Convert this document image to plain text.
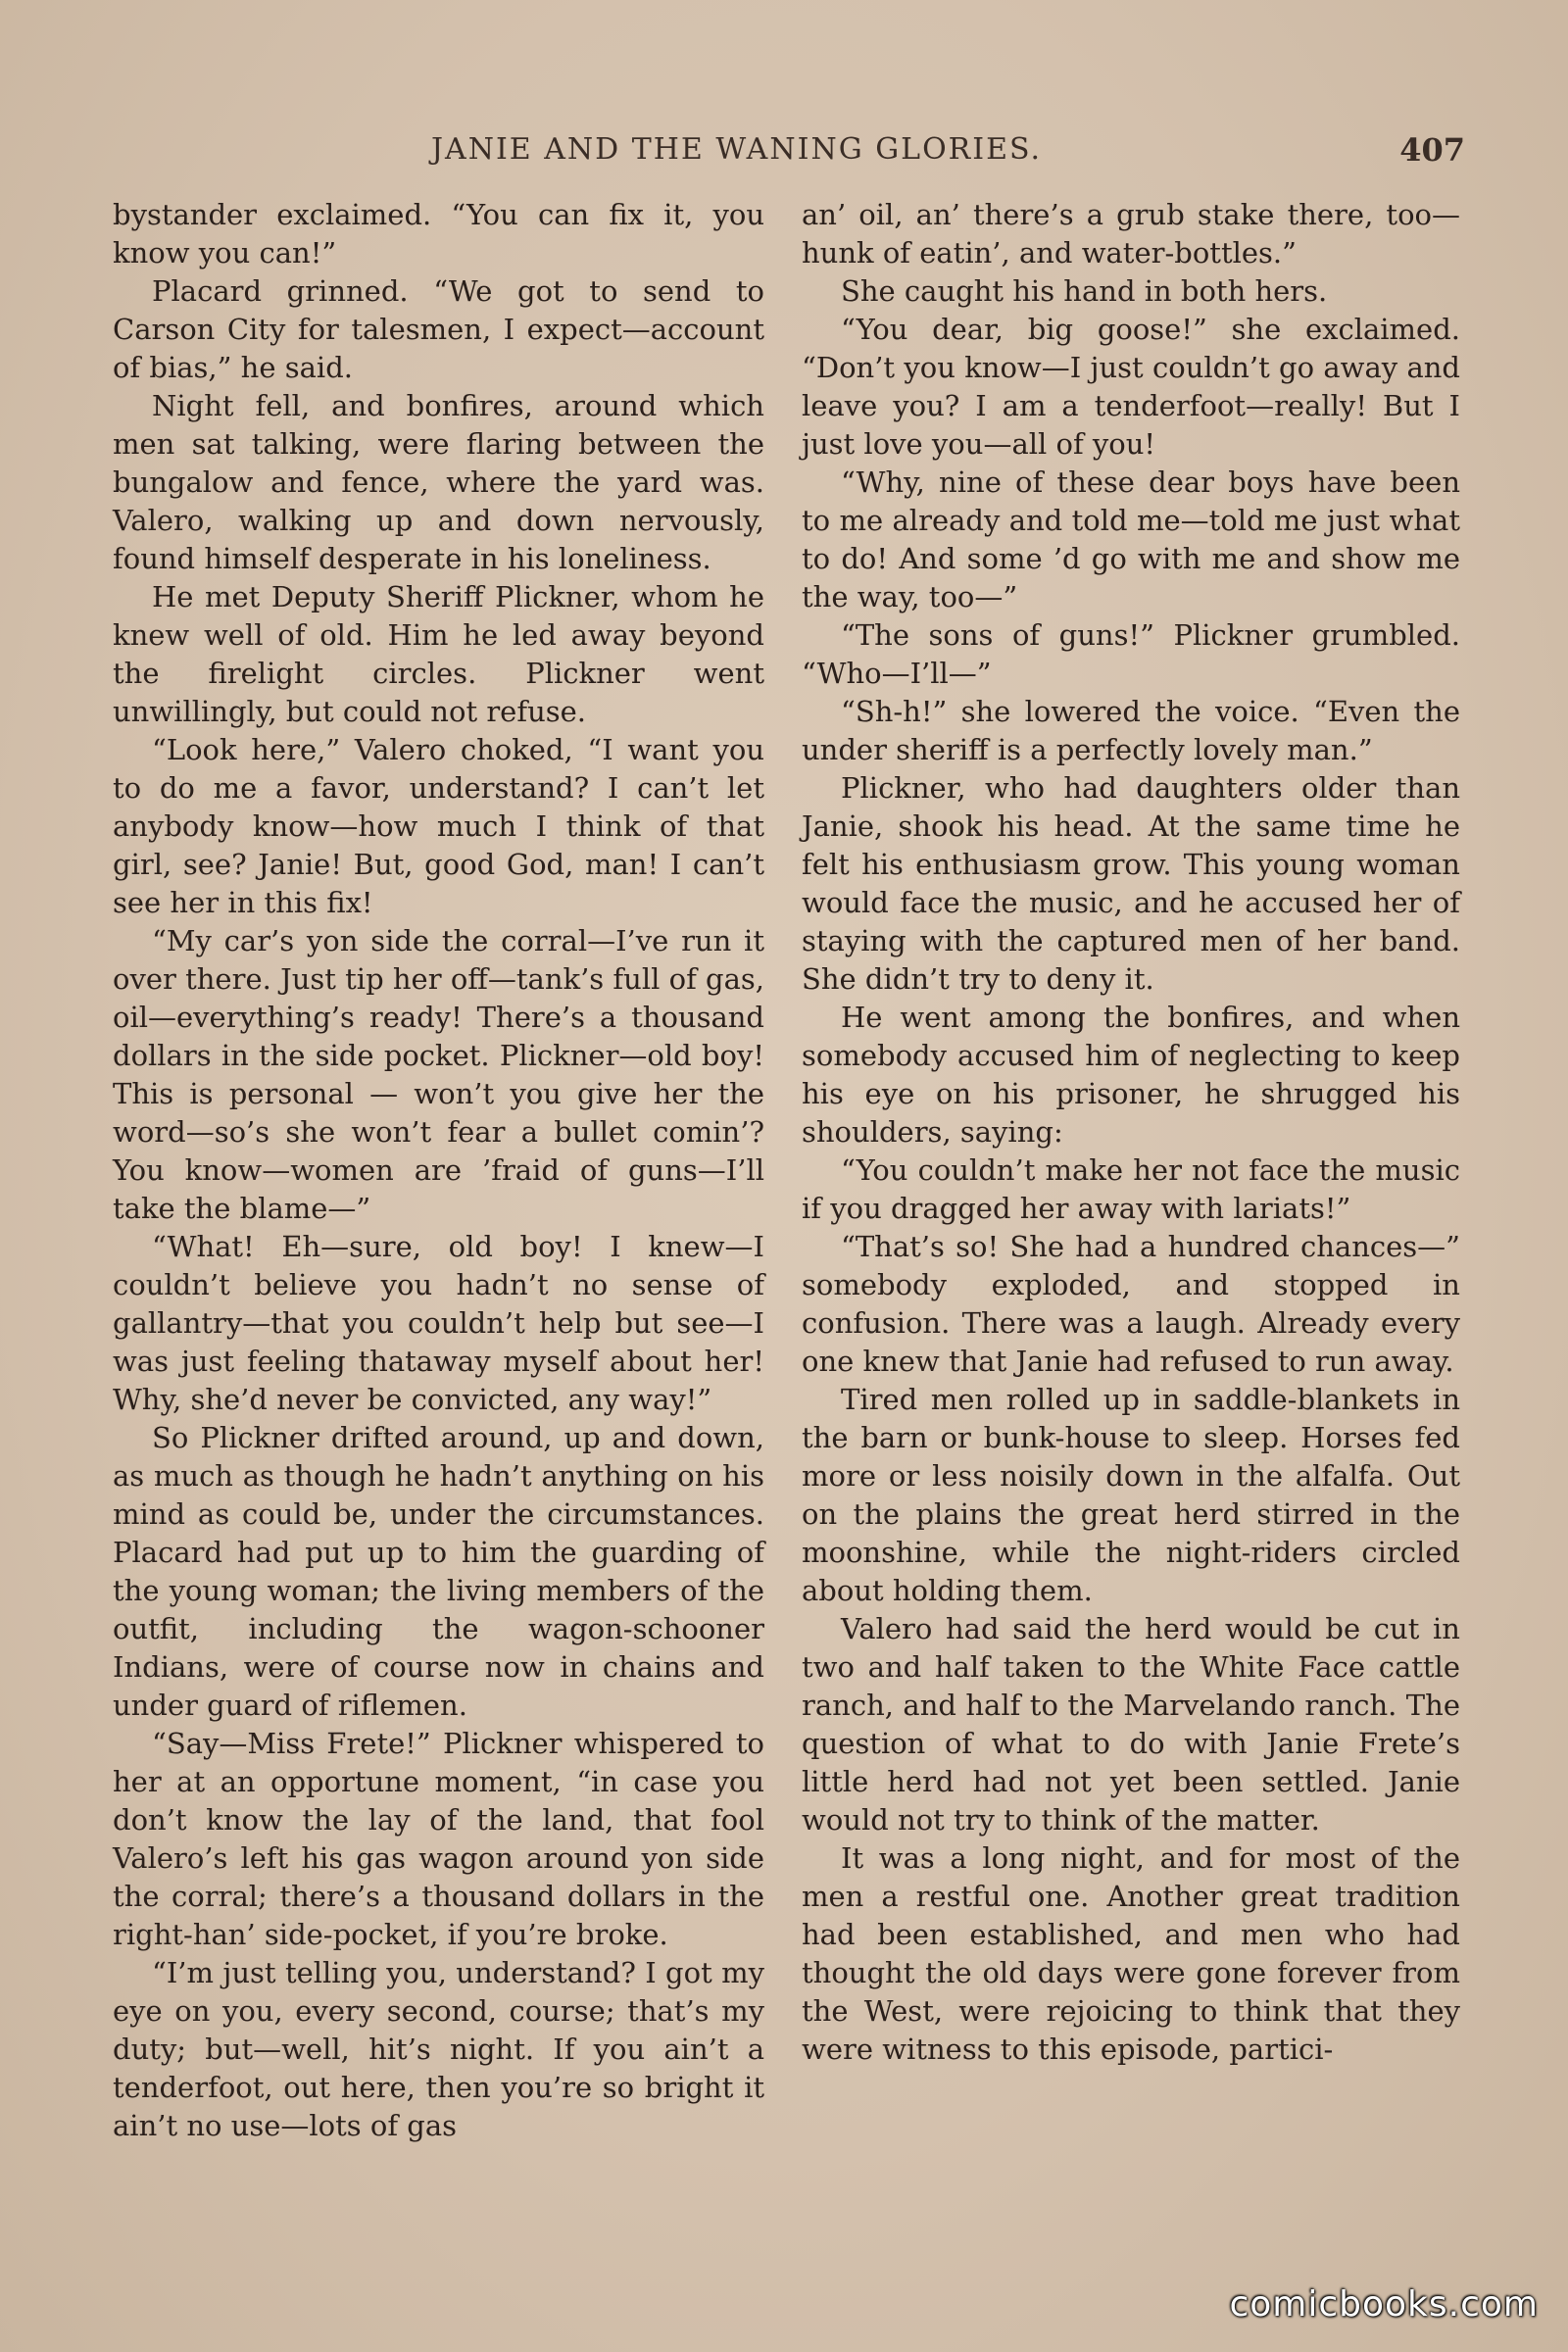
JANIE AND THE WANING GLORIES.	407

bystander exclaimed. “You can fix it, you know you can!”

Placard grinned. “We got to send to Carson City for talesmen, I expect—account of bias,” he said.

Night fell, and bonfires, around which men sat talking, were flaring between the bungalow and fence, where the yard was. Valero, walking up and down nervously, found himself desperate in his loneliness.

He met Deputy Sheriff Plickner, whom he knew well of old. Him he led away beyond the firelight circles. Plickner went unwillingly, but could not refuse.

“Look here,” Valero choked, “I want you to do me a favor, understand? I can’t let anybody know—how much I think of that girl, see? Janie! But, good God, man! I can’t see her in this fix!

“My car’s yon side the corral—I’ve run it over there. Just tip her off—tank’s full of gas, oil—everything’s ready! There’s a thousand dollars in the side pocket. Plickner—old boy! This is personal — won’t you give her the word—so’s she won’t fear a bullet comin’? You know—women are ’fraid of guns—I’ll take the blame—”

“What! Eh—sure, old boy! I knew—I couldn’t believe you hadn’t no sense of gallantry—that you couldn’t help but see—I was just feeling thataway myself about her! Why, she’d never be convicted, any way!”

So Plickner drifted around, up and down, as much as though he hadn’t anything on his mind as could be, under the circumstances. Placard had put up to him the guarding of the young woman; the living members of the outfit, including the wagon-schooner Indians, were of course now in chains and under guard of riflemen.

“Say—Miss Frete!” Plickner whispered to her at an opportune moment, “in case you don’t know the lay of the land, that fool Valero’s left his gas wagon around yon side the corral; there’s a thousand dollars in the right-han’ side-pocket, if you’re broke.

“I’m just telling you, understand? I got my eye on you, every second, course; that’s my duty; but—well, hit’s night. If you ain’t a tenderfoot, out here, then you’re so bright it ain’t no use—lots of gas

an’ oil, an’ there’s a grub stake there, too—hunk of eatin’, and water-bottles.”

She caught his hand in both hers.

“You dear, big goose!” she exclaimed. “Don’t you know—I just couldn’t go away and leave you? I am a tenderfoot—really! But I just love you—all of you!

“Why, nine of these dear boys have been to me already and told me—told me just what to do! And some ’d go with me and show me the way, too—”

“The sons of guns!” Plickner grumbled. “Who—I’ll—”

“Sh-h!” she lowered the voice. “Even the under sheriff is a perfectly lovely man.”

Plickner, who had daughters older than Janie, shook his head. At the same time he felt his enthusiasm grow. This young woman would face the music, and he accused her of staying with the captured men of her band. She didn’t try to deny it.

He went among the bonfires, and when somebody accused him of neglecting to keep his eye on his prisoner, he shrugged his shoulders, saying:

“You couldn’t make her not face the music if you dragged her away with lariats!”

“That’s so! She had a hundred chances—” somebody exploded, and stopped in confusion. There was a laugh. Already every one knew that Janie had refused to run away.

Tired men rolled up in saddle-blankets in the barn or bunk-house to sleep. Horses fed more or less noisily down in the alfalfa. Out on the plains the great herd stirred in the moonshine, while the night-riders circled about holding them.

Valero had said the herd would be cut in two and half taken to the White Face cattle ranch, and half to the Marvelando ranch. The question of what to do with Janie Frete’s little herd had not yet been settled. Janie would not try to think of the matter.

It was a long night, and for most of the men a restful one. Another great tradition had been established, and men who had thought the old days were gone forever from the West, were rejoicing to think that they were witness to this episode, partici-

comicbooks.com
